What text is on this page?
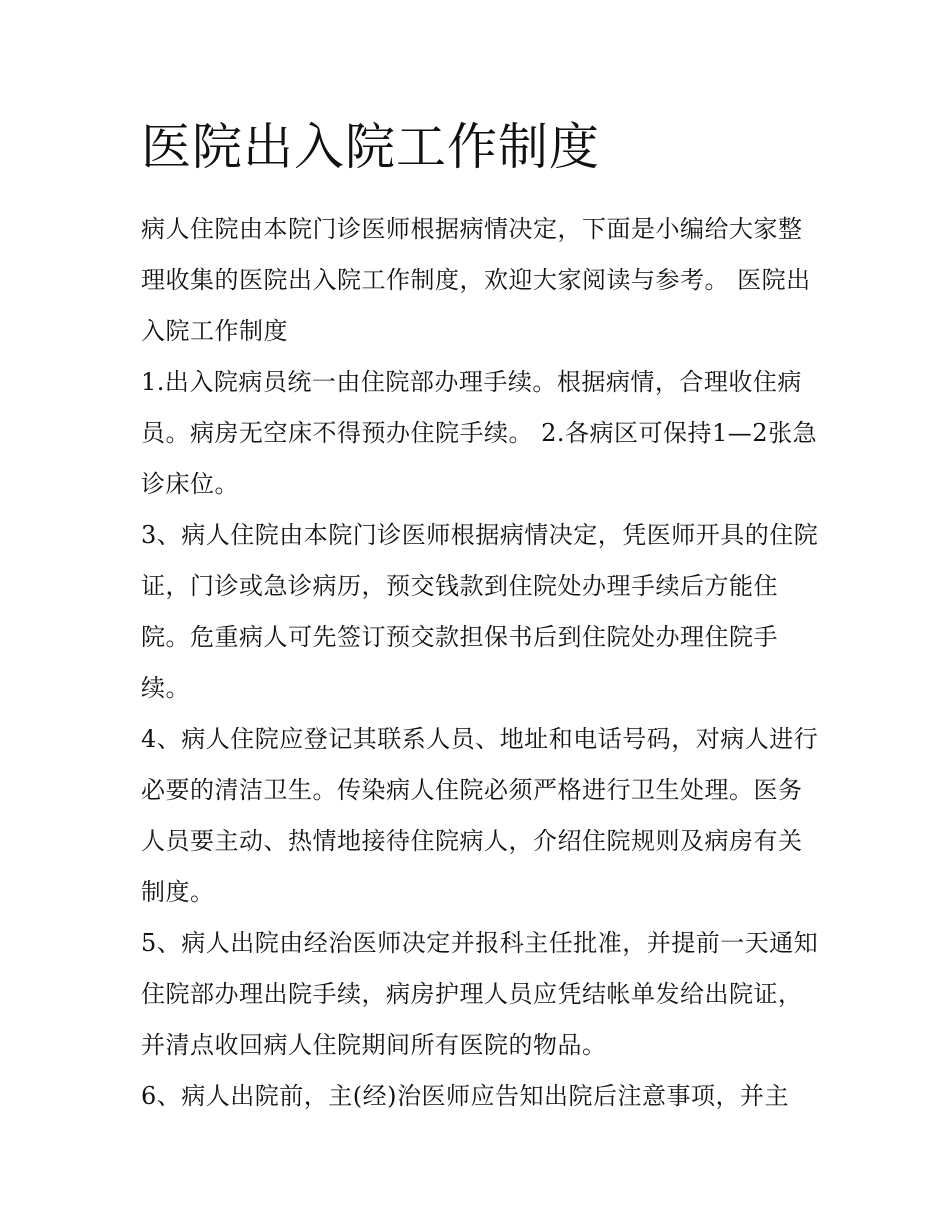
医院出入院工作制度

病人住院由本院门诊医师根据病情决定，下面是小编给大家整理收集的医院出入院工作制度，欢迎大家阅读与参考。 医院出入院工作制度

1.出入院病员统一由住院部办理手续。根据病情，合理收住病员。病房无空床不得预办住院手续。 2.各病区可保持1—2张急诊床位。

3、病人住院由本院门诊医师根据病情决定，凭医师开具的住院证，门诊或急诊病历，预交钱款到住院处办理手续后方能住院。危重病人可先签订预交款担保书后到住院处办理住院手续。

4、病人住院应登记其联系人员、地址和电话号码，对病人进行必要的清洁卫生。传染病人住院必须严格进行卫生处理。医务人员要主动、热情地接待住院病人，介绍住院规则及病房有关制度。

5、病人出院由经治医师决定并报科主任批准，并提前一天通知住院部办理出院手续，病房护理人员应凭结帐单发给出院证，并清点收回病人住院期间所有医院的物品。

6、病人出院前，主(经)治医师应告知出院后注意事项，并主
